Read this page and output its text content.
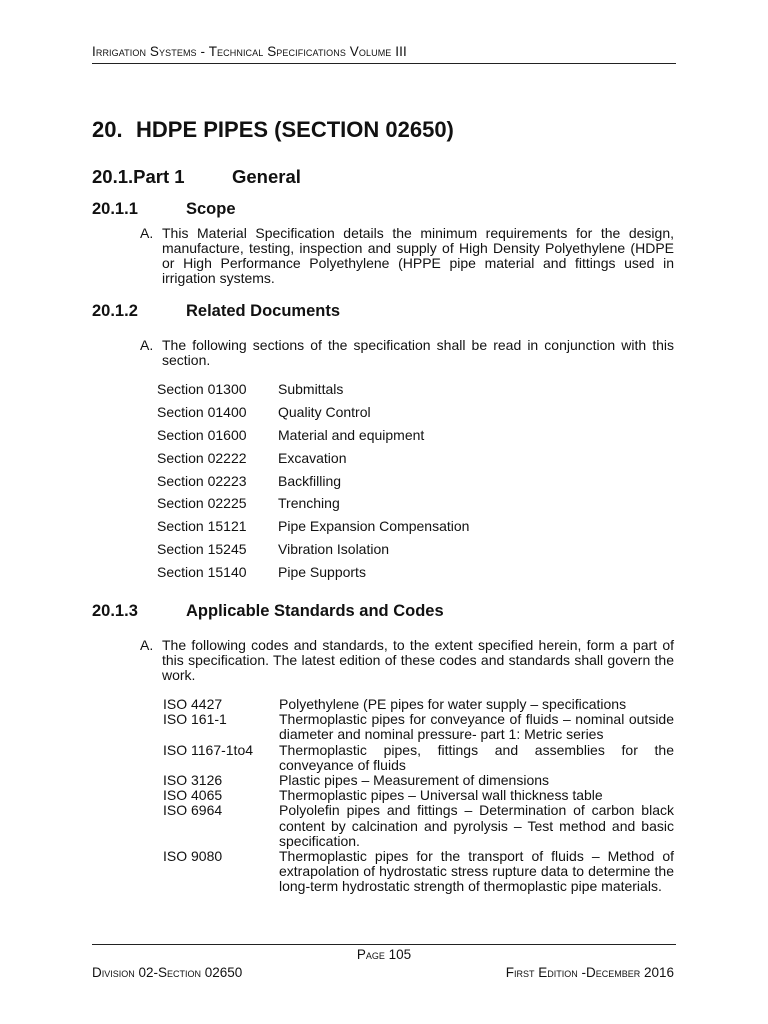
Irrigation Systems - Technical Specifications Volume III
20. HDPE PIPES (SECTION 02650)
20.1.Part 1	General
20.1.1	Scope
A. This Material Specification details the minimum requirements for the design, manufacture, testing, inspection and supply of High Density Polyethylene (HDPE or High Performance Polyethylene (HPPE pipe material and fittings used in irrigation systems.
20.1.2	Related Documents
A. The following sections of the specification shall be read in conjunction with this section.
Section 01300	Submittals
Section 01400	Quality Control
Section 01600	Material and equipment
Section 02222	Excavation
Section 02223	Backfilling
Section 02225	Trenching
Section 15121	Pipe Expansion Compensation
Section 15245	Vibration Isolation
Section 15140	Pipe Supports
20.1.3	Applicable Standards and Codes
A. The following codes and standards, to the extent specified herein, form a part of this specification. The latest edition of these codes and standards shall govern the work.
ISO 4427	Polyethylene (PE pipes for water supply – specifications
ISO 161-1	Thermoplastic pipes for conveyance of fluids – nominal outside diameter and nominal pressure- part 1: Metric series
ISO 1167-1to4	Thermoplastic pipes, fittings and assemblies for the conveyance of fluids
ISO 3126	Plastic pipes – Measurement of dimensions
ISO 4065	Thermoplastic pipes – Universal wall thickness table
ISO 6964	Polyolefin pipes and fittings – Determination of carbon black content by calcination and pyrolysis – Test method and basic specification.
ISO 9080	Thermoplastic pipes for the transport of fluids – Method of extrapolation of hydrostatic stress rupture data to determine the long-term hydrostatic strength of thermoplastic pipe materials.
Page 105
Division 02-Section 02650	First Edition -December 2016
